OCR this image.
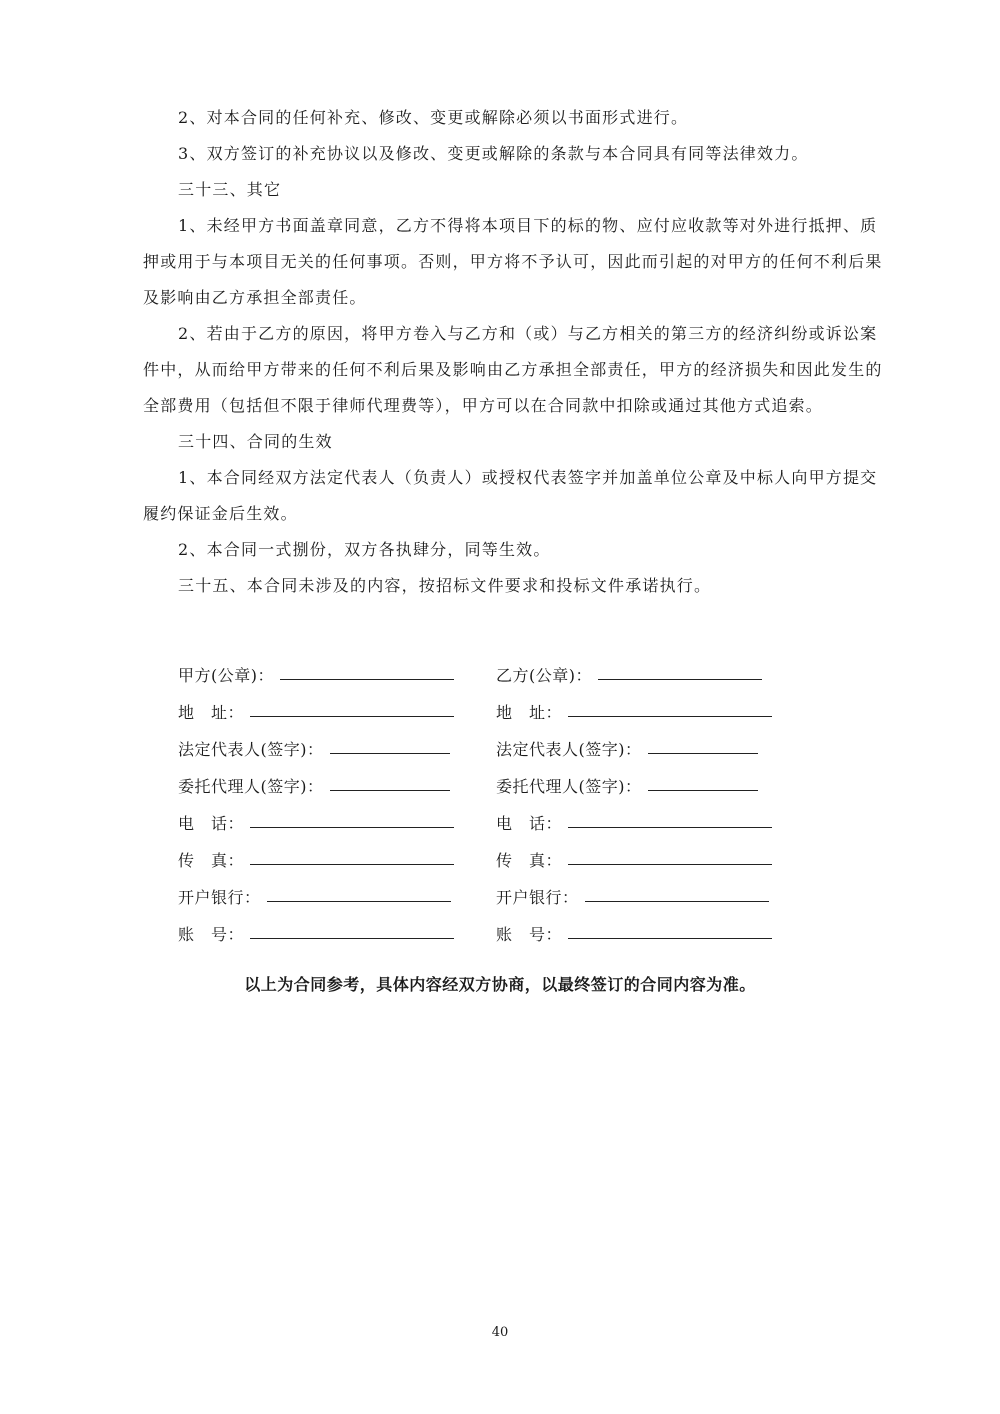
2、对本合同的任何补充、修改、变更或解除必须以书面形式进行。

3、双方签订的补充协议以及修改、变更或解除的条款与本合同具有同等法律效力。

三十三、其它

1、未经甲方书面盖章同意，乙方不得将本项目下的标的物、应付应收款等对外进行抵押、质押或用于与本项目无关的任何事项。否则，甲方将不予认可，因此而引起的对甲方的任何不利后果及影响由乙方承担全部责任。

2、若由于乙方的原因，将甲方卷入与乙方和（或）与乙方相关的第三方的经济纠纷或诉讼案件中，从而给甲方带来的任何不利后果及影响由乙方承担全部责任，甲方的经济损失和因此发生的全部费用（包括但不限于律师代理费等），甲方可以在合同款中扣除或通过其他方式追索。

三十四、合同的生效

1、本合同经双方法定代表人（负责人）或授权代表签字并加盖单位公章及中标人向甲方提交履约保证金后生效。

2、本合同一式捌份，双方各执肆分，同等生效。

三十五、本合同未涉及的内容，按招标文件要求和投标文件承诺执行。

甲方(公章)：	乙方(公章)：
地　址：	地　址：
法定代表人(签字)：	法定代表人(签字)：
委托代理人(签字)：	委托代理人(签字)：
电　话：	电　话：
传　真：	传　真：
开户银行：	开户银行：
账　号：	账　号：
以上为合同参考，具体内容经双方协商，以最终签订的合同内容为准。
40
